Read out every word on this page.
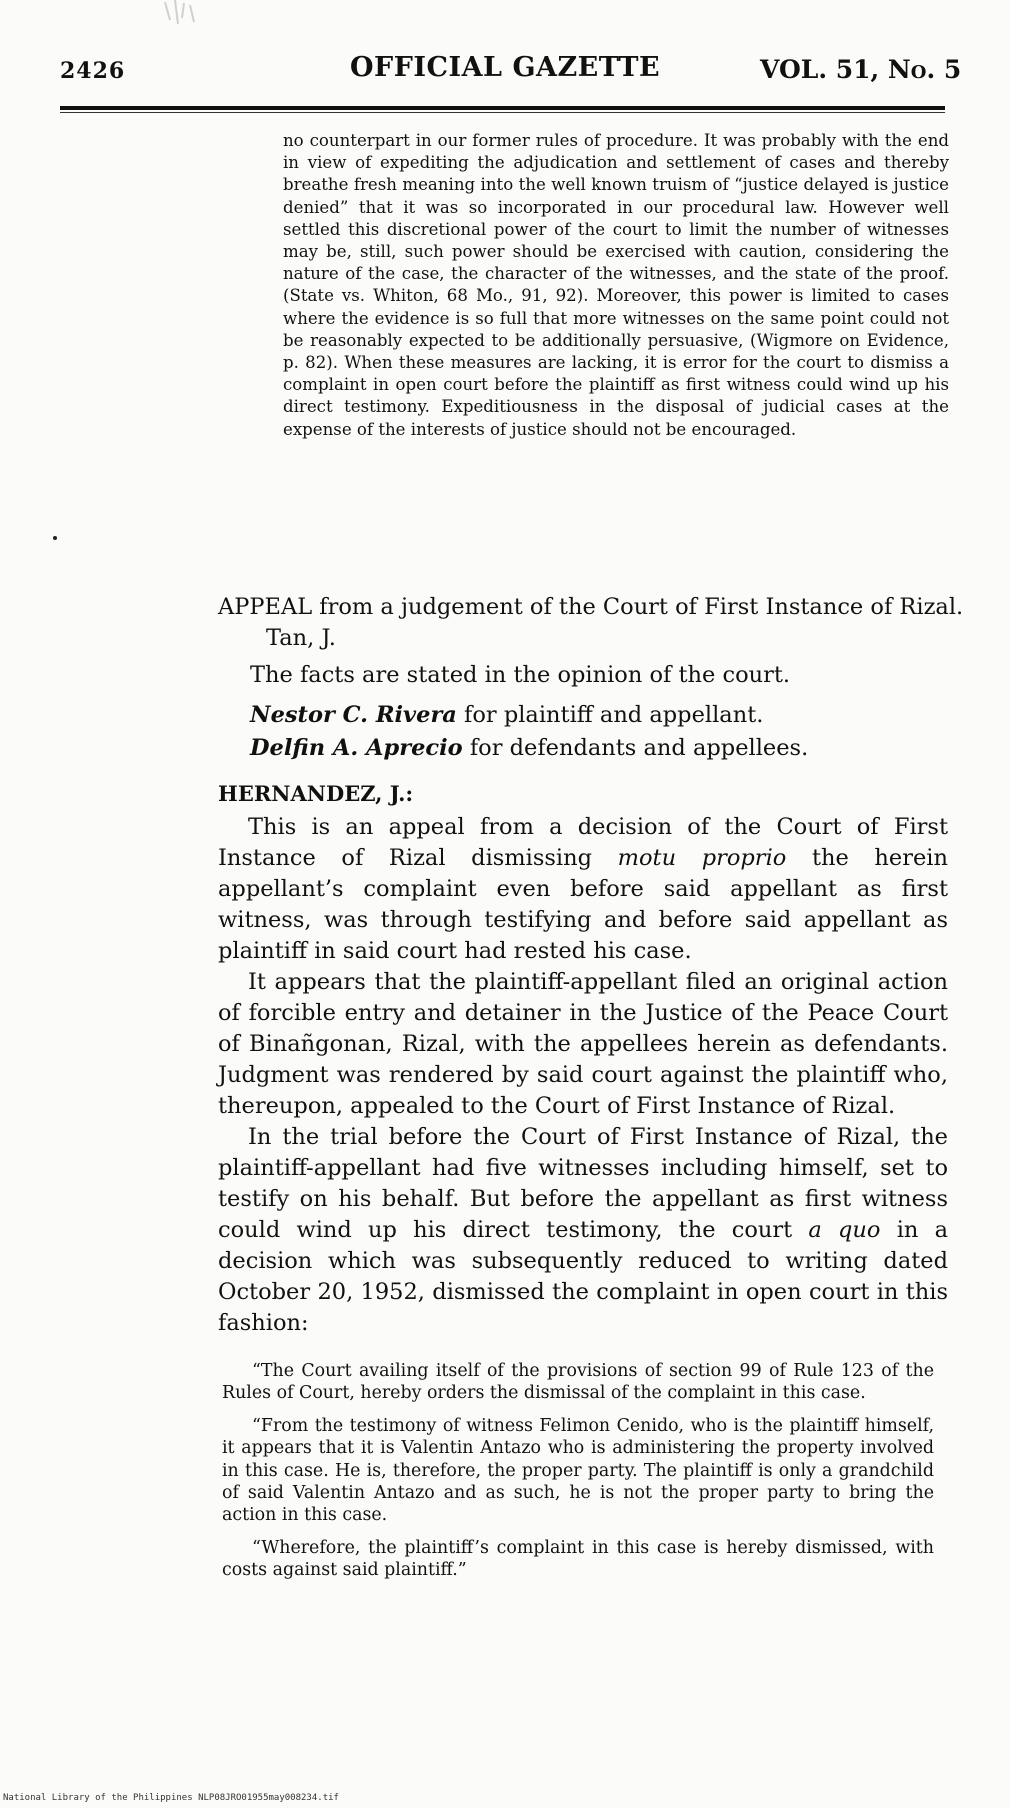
2426	OFFICIAL GAZETTE	VOL. 51, No. 5
no counterpart in our former rules of procedure. It was probably with the end in view of expediting the adjudication and settlement of cases and thereby breathe fresh meaning into the well known truism of “justice delayed is justice denied” that it was so incorporated in our procedural law. However well settled this discretional power of the court to limit the number of witnesses may be, still, such power should be exercised with caution, considering the nature of the case, the character of the witnesses, and the state of the proof. (State vs. Whiton, 68 Mo., 91, 92). Moreover, this power is limited to cases where the evidence is so full that more witnesses on the same point could not be reasonably expected to be additionally persuasive, (Wigmore on Evidence, p. 82). When these measures are lacking, it is error for the court to dismiss a complaint in open court before the plaintiff as first witness could wind up his direct testimony. Expeditiousness in the disposal of judicial cases at the expense of the interests of justice should not be encouraged.
APPEAL from a judgement of the Court of First Instance of Rizal. Tan, J.
The facts are stated in the opinion of the court.
Nestor C. Rivera for plaintiff and appellant.
Delfin A. Aprecio for defendants and appellees.
HERNANDEZ, J.:

This is an appeal from a decision of the Court of First Instance of Rizal dismissing motu proprio the herein appellant’s complaint even before said appellant as first witness, was through testifying and before said appellant as plaintiff in said court had rested his case.

It appears that the plaintiff-appellant filed an original action of forcible entry and detainer in the Justice of the Peace Court of Binañgonan, Rizal, with the appellees herein as defendants. Judgment was rendered by said court against the plaintiff who, thereupon, appealed to the Court of First Instance of Rizal.

In the trial before the Court of First Instance of Rizal, the plaintiff-appellant had five witnesses including himself, set to testify on his behalf. But before the appellant as first witness could wind up his direct testimony, the court a quo in a decision which was subsequently reduced to writing dated October 20, 1952, dismissed the complaint in open court in this fashion:

“The Court availing itself of the provisions of section 99 of Rule 123 of the Rules of Court, hereby orders the dismissal of the complaint in this case.

“From the testimony of witness Felimon Cenido, who is the plaintiff himself, it appears that it is Valentin Antazo who is administering the property involved in this case. He is, therefore, the proper party. The plaintiff is only a grandchild of said Valentin Antazo and as such, he is not the proper party to bring the action in this case.

“Wherefore, the plaintiff’s complaint in this case is hereby dismissed, with costs against said plaintiff.”

National Library of the Philippines NLP08JRO01955may008234.tif
